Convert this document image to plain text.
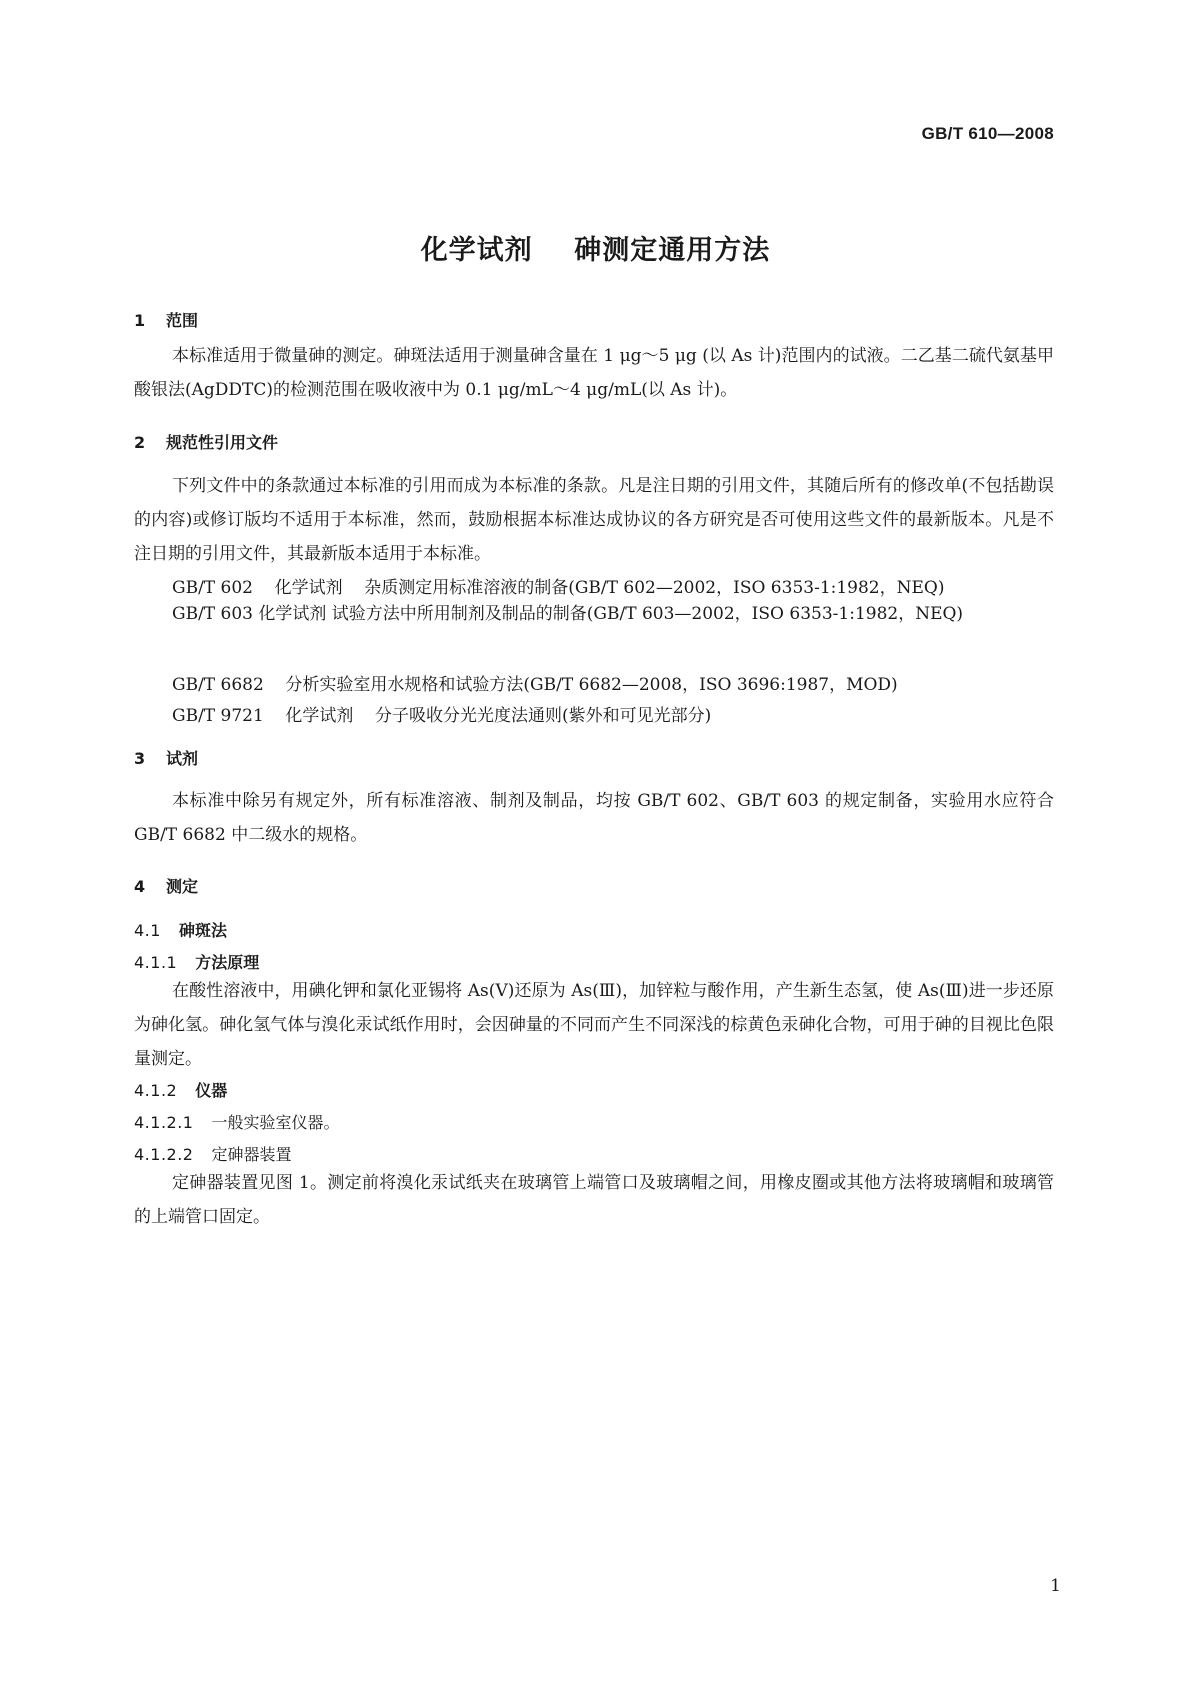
GB/T 610—2008
化学试剂    砷测定通用方法
1 范围
本标准适用于微量砷的测定。砷斑法适用于测量砷含量在 1 μg～5 μg (以 As 计)范围内的试液。二乙基二硫代氨基甲酸银法(AgDDTC)的检测范围在吸收液中为 0.1 μg/mL～4 μg/mL(以 As 计)。
2 规范性引用文件
下列文件中的条款通过本标准的引用而成为本标准的条款。凡是注日期的引用文件，其随后所有的修改单(不包括勘误的内容)或修订版均不适用于本标准，然而，鼓励根据本标准达成协议的各方研究是否可使用这些文件的最新版本。凡是不注日期的引用文件，其最新版本适用于本标准。
GB/T 602    化学试剂    杂质测定用标准溶液的制备(GB/T 602—2002，ISO 6353-1:1982，NEQ)
GB/T 603 化学试剂 试验方法中所用制剂及制品的制备(GB/T 603—2002，ISO 6353-1:1982，NEQ)
GB/T 6682    分析实验室用水规格和试验方法(GB/T 6682—2008，ISO 3696:1987，MOD)
GB/T 9721    化学试剂    分子吸收分光光度法通则(紫外和可见光部分)
3 试剂
本标准中除另有规定外，所有标准溶液、制剂及制品，均按 GB/T 602、GB/T 603 的规定制备，实验用水应符合 GB/T 6682 中二级水的规格。
4 测定
4.1 砷斑法
4.1.1 方法原理
在酸性溶液中，用碘化钾和氯化亚锡将 As(Ⅴ)还原为 As(Ⅲ)，加锌粒与酸作用，产生新生态氢，使 As(Ⅲ)进一步还原为砷化氢。砷化氢气体与溴化汞试纸作用时，会因砷量的不同而产生不同深浅的棕黄色汞砷化合物，可用于砷的目视比色限量测定。
4.1.2 仪器
4.1.2.1 一般实验室仪器。
4.1.2.2 定砷器装置
定砷器装置见图 1。测定前将溴化汞试纸夹在玻璃管上端管口及玻璃帽之间，用橡皮圈或其他方法将玻璃帽和玻璃管的上端管口固定。
1
